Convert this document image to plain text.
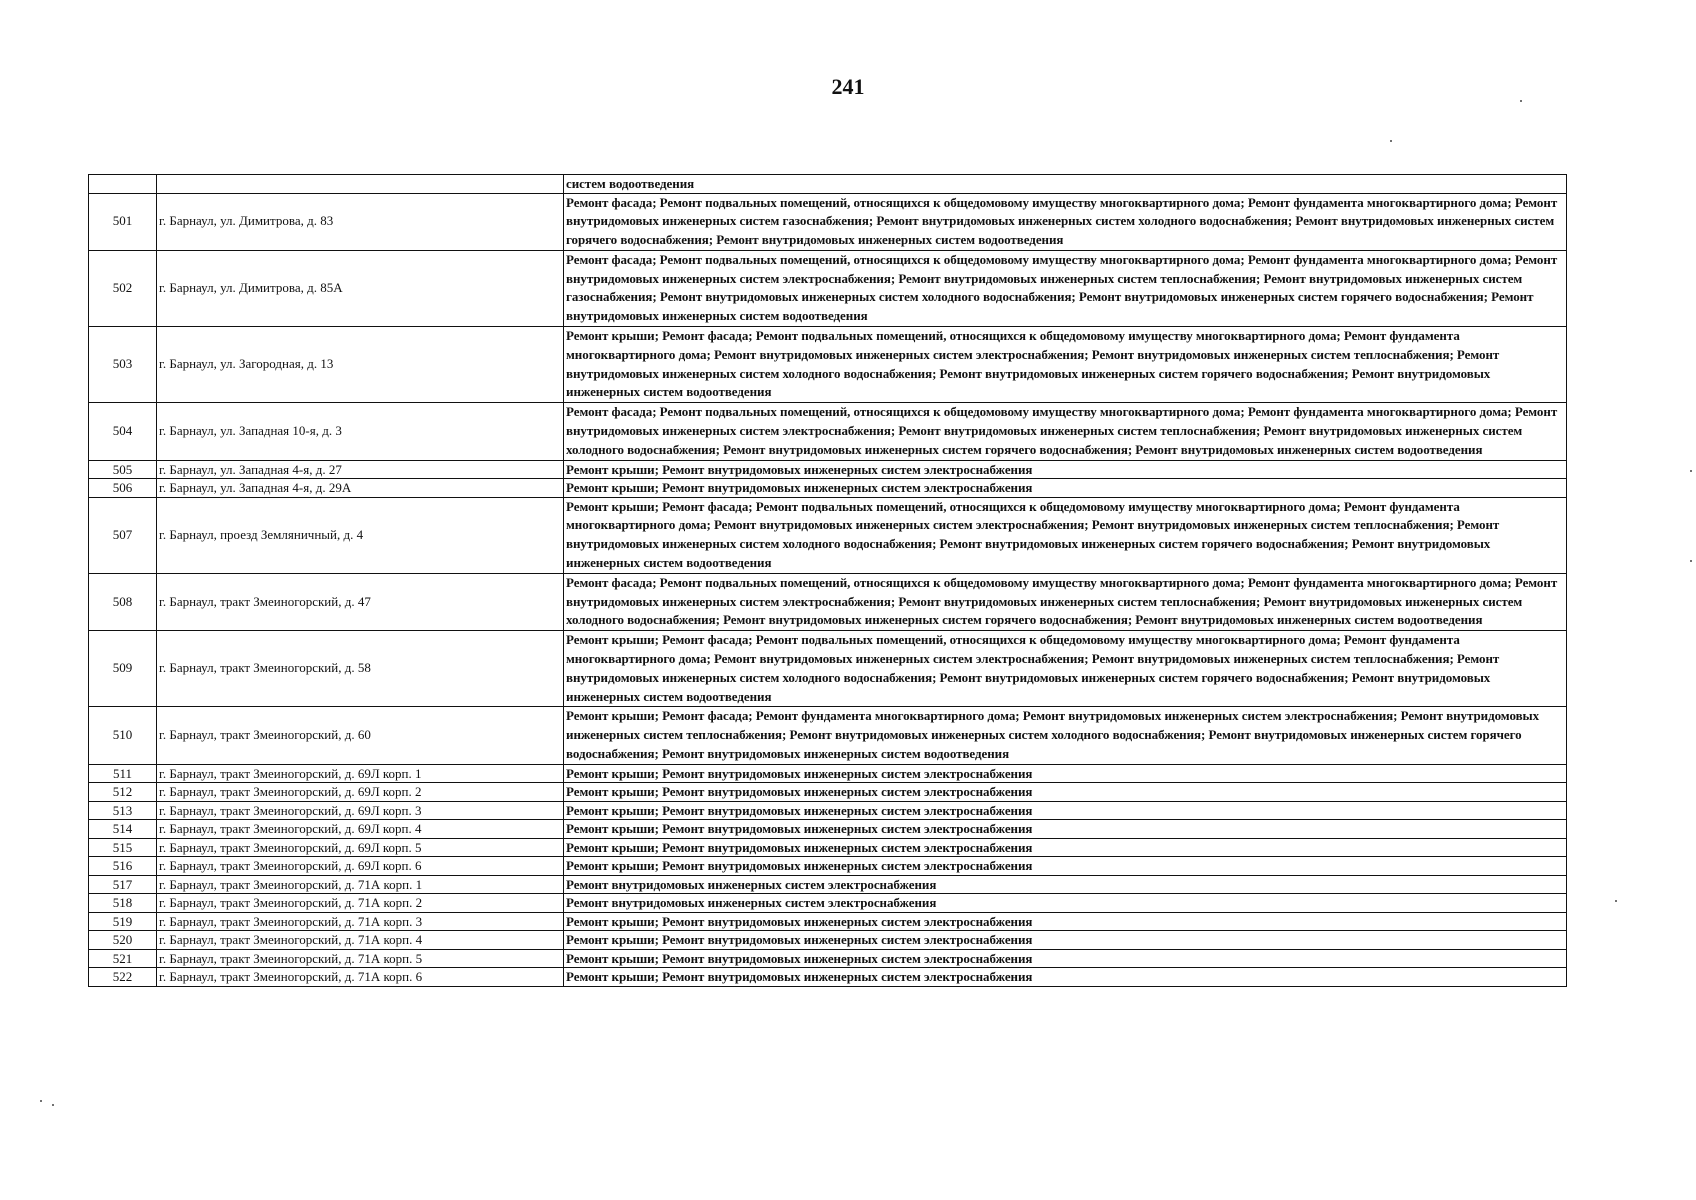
241
		систем водоотведения
501	г. Барнаул, ул. Димитрова, д. 83	Ремонт фасада; Ремонт подвальных помещений, относящихся к общедомовому имуществу многоквартирного дома; Ремонт фундамента многоквартирного дома; Ремонт внутридомовых инженерных систем газоснабжения; Ремонт внутридомовых инженерных систем холодного водоснабжения; Ремонт внутридомовых инженерных систем горячего водоснабжения; Ремонт внутридомовых инженерных систем водоотведения
502	г. Барнаул, ул. Димитрова, д. 85А	Ремонт фасада; Ремонт подвальных помещений, относящихся к общедомовому имуществу многоквартирного дома; Ремонт фундамента многоквартирного дома; Ремонт внутридомовых инженерных систем электроснабжения; Ремонт внутридомовых инженерных систем теплоснабжения; Ремонт внутридомовых инженерных систем газоснабжения; Ремонт внутридомовых инженерных систем холодного водоснабжения; Ремонт внутридомовых инженерных систем горячего водоснабжения; Ремонт внутридомовых инженерных систем водоотведения
503	г. Барнаул, ул. Загородная, д. 13	Ремонт крыши; Ремонт фасада; Ремонт подвальных помещений, относящихся к общедомовому имуществу многоквартирного дома; Ремонт фундамента многоквартирного дома; Ремонт внутридомовых инженерных систем электроснабжения; Ремонт внутридомовых инженерных систем теплоснабжения; Ремонт внутридомовых инженерных систем холодного водоснабжения; Ремонт внутридомовых инженерных систем горячего водоснабжения; Ремонт внутридомовых инженерных систем водоотведения
504	г. Барнаул, ул. Западная 10-я, д. 3	Ремонт фасада; Ремонт подвальных помещений, относящихся к общедомовому имуществу многоквартирного дома; Ремонт фундамента многоквартирного дома; Ремонт внутридомовых инженерных систем электроснабжения; Ремонт внутридомовых инженерных систем теплоснабжения; Ремонт внутридомовых инженерных систем холодного водоснабжения; Ремонт внутридомовых инженерных систем горячего водоснабжения; Ремонт внутридомовых инженерных систем водоотведения
505	г. Барнаул, ул. Западная 4-я, д. 27	Ремонт крыши; Ремонт внутридомовых инженерных систем электроснабжения
506	г. Барнаул, ул. Западная 4-я, д. 29А	Ремонт крыши; Ремонт внутридомовых инженерных систем электроснабжения
507	г. Барнаул, проезд Земляничный, д. 4	Ремонт крыши; Ремонт фасада; Ремонт подвальных помещений, относящихся к общедомовому имуществу многоквартирного дома; Ремонт фундамента многоквартирного дома; Ремонт внутридомовых инженерных систем электроснабжения; Ремонт внутридомовых инженерных систем теплоснабжения; Ремонт внутридомовых инженерных систем холодного водоснабжения; Ремонт внутридомовых инженерных систем горячего водоснабжения; Ремонт внутридомовых инженерных систем водоотведения
508	г. Барнаул, тракт Змеиногорский, д. 47	Ремонт фасада; Ремонт подвальных помещений, относящихся к общедомовому имуществу многоквартирного дома; Ремонт фундамента многоквартирного дома; Ремонт внутридомовых инженерных систем электроснабжения; Ремонт внутридомовых инженерных систем теплоснабжения; Ремонт внутридомовых инженерных систем холодного водоснабжения; Ремонт внутридомовых инженерных систем горячего водоснабжения; Ремонт внутридомовых инженерных систем водоотведения
509	г. Барнаул, тракт Змеиногорский, д. 58	Ремонт крыши; Ремонт фасада; Ремонт подвальных помещений, относящихся к общедомовому имуществу многоквартирного дома; Ремонт фундамента многоквартирного дома; Ремонт внутридомовых инженерных систем электроснабжения; Ремонт внутридомовых инженерных систем теплоснабжения; Ремонт внутридомовых инженерных систем холодного водоснабжения; Ремонт внутридомовых инженерных систем горячего водоснабжения; Ремонт внутридомовых инженерных систем водоотведения
510	г. Барнаул, тракт Змеиногорский, д. 60	Ремонт крыши; Ремонт фасада; Ремонт фундамента многоквартирного дома; Ремонт внутридомовых инженерных систем электроснабжения; Ремонт внутридомовых инженерных систем теплоснабжения; Ремонт внутридомовых инженерных систем холодного водоснабжения; Ремонт внутридомовых инженерных систем горячего водоснабжения; Ремонт внутридомовых инженерных систем водоотведения
511	г. Барнаул, тракт Змеиногорский, д. 69Л корп. 1	Ремонт крыши; Ремонт внутридомовых инженерных систем электроснабжения
512	г. Барнаул, тракт Змеиногорский, д. 69Л корп. 2	Ремонт крыши; Ремонт внутридомовых инженерных систем электроснабжения
513	г. Барнаул, тракт Змеиногорский, д. 69Л корп. 3	Ремонт крыши; Ремонт внутридомовых инженерных систем электроснабжения
514	г. Барнаул, тракт Змеиногорский, д. 69Л корп. 4	Ремонт крыши; Ремонт внутридомовых инженерных систем электроснабжения
515	г. Барнаул, тракт Змеиногорский, д. 69Л корп. 5	Ремонт крыши; Ремонт внутридомовых инженерных систем электроснабжения
516	г. Барнаул, тракт Змеиногорский, д. 69Л корп. 6	Ремонт крыши; Ремонт внутридомовых инженерных систем электроснабжения
517	г. Барнаул, тракт Змеиногорский, д. 71А корп. 1	Ремонт внутридомовых инженерных систем электроснабжения
518	г. Барнаул, тракт Змеиногорский, д. 71А корп. 2	Ремонт внутридомовых инженерных систем электроснабжения
519	г. Барнаул, тракт Змеиногорский, д. 71А корп. 3	Ремонт крыши; Ремонт внутридомовых инженерных систем электроснабжения
520	г. Барнаул, тракт Змеиногорский, д. 71А корп. 4	Ремонт крыши; Ремонт внутридомовых инженерных систем электроснабжения
521	г. Барнаул, тракт Змеиногорский, д. 71А корп. 5	Ремонт крыши; Ремонт внутридомовых инженерных систем электроснабжения
522	г. Барнаул, тракт Змеиногорский, д. 71А корп. 6	Ремонт крыши; Ремонт внутридомовых инженерных систем электроснабжения
